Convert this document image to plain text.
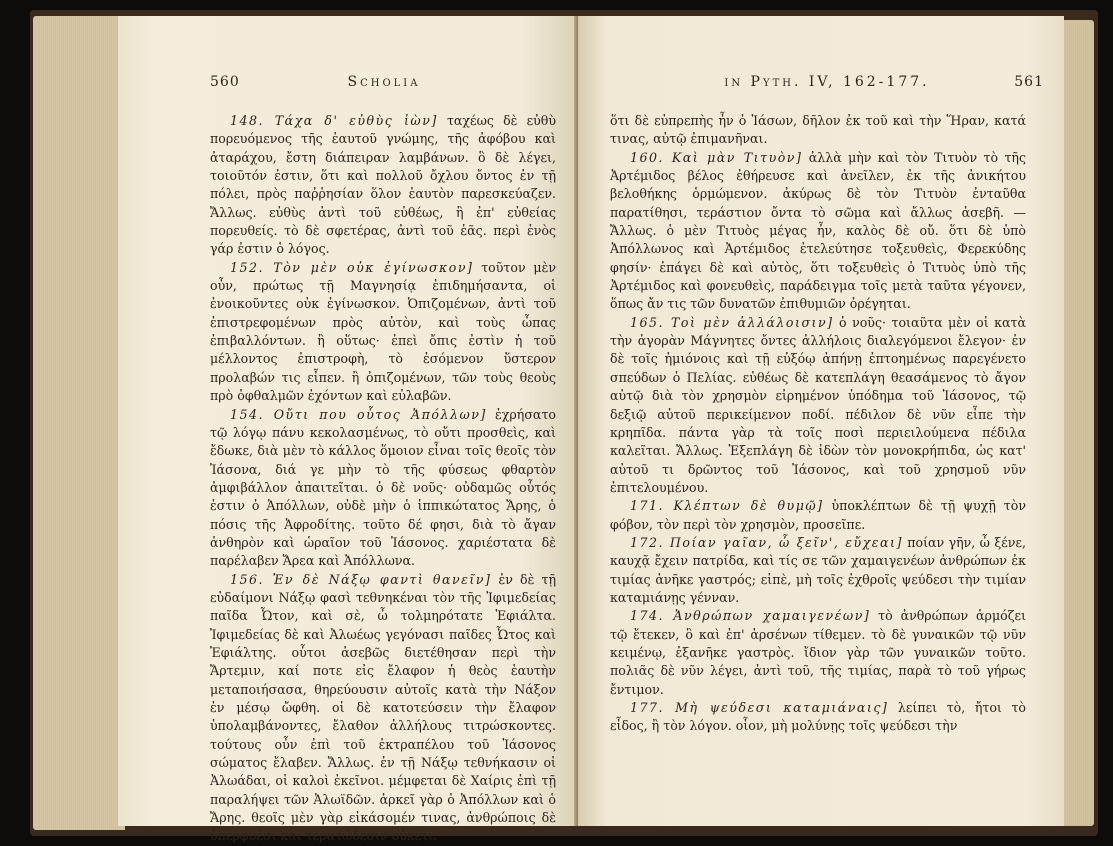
Scholia
560

148. Τάχα δ' εὐθὺς ἰὼν] ταχέως δὲ εὐθὺ πορευόμενος τῆς ἑαυτοῦ γνώμης, τῆς ἀφόβου καὶ ἀταράχου, ἔστη διάπειραν λαμβάνων. ὃ δὲ λέγει, τοιοῦτόν ἐστιν, ὅτι καὶ πολλοῦ ὄχλου ὄντος ἐν τῇ πόλει, πρὸς παῤῥησίαν ὅλον ἑαυτὸν παρεσκεύαζεν. Ἄλλως. εὐθὺς ἀντὶ τοῦ εὐθέως, ἢ ἐπ' εὐθείας πορευθείς. τὸ δὲ σφετέρας, ἀντὶ τοῦ ἑᾶς. περὶ ἑνὸς γάρ ἐστιν ὁ λόγος.

152. Τὸν μὲν οὐκ ἐγίνωσκον] τοῦτον μὲν οὖν, πρώτως τῇ Μαγνησίᾳ ἐπιδημήσαντα, οἱ ἐνοικοῦντες οὐκ ἐγίνωσκον. Ὀπιζομένων, ἀντὶ τοῦ ἐπιστρεφομένων πρὸς αὐτὸν, καὶ τοὺς ὦπας ἐπιβαλλόντων. ἢ οὕτως· ἐπεὶ ὄπις ἐστὶν ἡ τοῦ μέλλοντος ἐπιστροφὴ, τὸ ἐσόμενον ὕστερον προλαβών τις εἶπεν. ἢ ὀπιζομένων, τῶν τοὺς θεοὺς πρὸ ὀφθαλμῶν ἐχόντων καὶ εὐλαβῶν.

154. Οὔτι που οὗτος Ἀπόλλων] ἐχρήσατο τῷ λόγῳ πάνυ κεκολασμένως, τὸ οὔτι προσθεὶς, καὶ ἔδωκε, διὰ μὲν τὸ κάλλος ὅμοιον εἶναι τοῖς θεοῖς τὸν Ἰάσονα, διά γε μὴν τὸ τῆς φύσεως φθαρτὸν ἀμφιβάλλον ἀπαιτεῖται. ὁ δὲ νοῦς· οὐδαμῶς οὗτός ἐστιν ὁ Ἀπόλλων, οὐδὲ μὴν ὁ ἱππικώτατος Ἄρης, ὁ πόσις τῆς Ἀφροδίτης. τοῦτο δέ φησι, διὰ τὸ ἄγαν ἀνθηρὸν καὶ ὡραῖον τοῦ Ἰάσονος. χαριέστατα δὲ παρέλαβεν Ἄρεα καὶ Ἀπόλλωνα.

156. Ἐν δὲ Νάξῳ φαντὶ θανεῖν] ἐν δὲ τῇ εὐδαίμονι Νάξῳ φασὶ τεθνηκέναι τὸν τῆς Ἰφιμεδείας παῖδα Ὦτον, καὶ σὲ, ὦ τολμηρότατε Ἐφιάλτα. Ἰφιμεδείας δὲ καὶ Ἀλωέως γεγόνασι παῖδες Ὦτος καὶ Ἐφιάλτης. οὗτοι ἀσεβῶς διετέθησαν περὶ τὴν Ἄρτεμιν, καί ποτε εἰς ἔλαφον ἡ θεὸς ἑαυτὴν μεταποιήσασα, θηρεύουσιν αὐτοῖς κατὰ τὴν Νάξον ἐν μέσῳ ὤφθη. οἱ δὲ κατοτεύσειν τὴν ἔλαφον ὑπολαμβάνοντες, ἔλαθον ἀλλήλους τιτρώσκοντες. τούτους οὖν ἐπὶ τοῦ ἐκτραπέλου τοῦ Ἰάσονος σώματος ἔλαβεν. Ἄλλως. ἐν τῇ Νάξῳ τεθνήκασιν οἱ Ἀλωάδαι, οἱ καλοὶ ἐκεῖνοι. μέμφεται δὲ Χαίρις ἐπὶ τῇ παραλήψει τῶν Ἀλωϊδῶν. ἀρκεῖ γὰρ ὁ Ἀπόλλων καὶ ὁ Ἄρης. θεοῖς μὲν γὰρ εἰκάσομέν τινας, ἀνθρώποις δὲ ὑπερφυέσι καὶ τερατώδεσιν οὐκέτι.

in Pyth. IV, 162-177.	561

ὅτι δὲ εὐπρεπὴς ἦν ὁ Ἰάσων, δῆλον ἐκ τοῦ καὶ τὴν Ἥραν, κατά τινας, αὐτῷ ἐπιμανῆναι.

160. Καὶ μὰν Τιτυὸν] ἀλλὰ μὴν καὶ τὸν Τιτυὸν τὸ τῆς Ἀρτέμιδος βέλος ἐθήρευσε καὶ ἀνεῖλεν, ἐκ τῆς ἀνικήτου βελοθήκης ὁρμώμενον. ἀκύρως δὲ τὸν Τιτυὸν ἐνταῦθα παρατίθησι, τεράστιον ὄντα τὸ σῶμα καὶ ἄλλως ἀσεβῆ. — Ἄλλως. ὁ μὲν Τιτυὸς μέγας ἦν, καλὸς δὲ οὔ. ὅτι δὲ ὑπὸ Ἀπόλλωνος καὶ Ἀρτέμιδος ἐτελεύτησε τοξευθεὶς, Φερεκύδης φησίν· ἐπάγει δὲ καὶ αὐτὸς, ὅτι τοξευθεὶς ὁ Τιτυὸς ὑπὸ τῆς Ἀρτέμιδος καὶ φονευθεὶς, παράδειγμα τοῖς μετὰ ταῦτα γέγονεν, ὅπως ἄν τις τῶν δυνατῶν ἐπιθυμιῶν ὀρέγηται.

165. Τοὶ μὲν ἀλλάλοισιν] ὁ νοῦς· τοιαῦτα μὲν οἱ κατὰ τὴν ἀγορὰν Μάγνητες ὄντες ἀλλήλοις διαλεγόμενοι ἔλεγον· ἐν δὲ τοῖς ἡμιόνοις καὶ τῇ εὐξόῳ ἀπήνῃ ἐπτοημένως παρεγένετο σπεύδων ὁ Πελίας. εὐθέως δὲ κατεπλάγη θεασάμενος τὸ ἄγον αὐτῷ διὰ τὸν χρησμὸν εἰρημένον ὑπόδημα τοῦ Ἰάσονος, τῷ δεξιῷ αὐτοῦ περικείμενον ποδί. πέδιλον δὲ νῦν εἶπε τὴν κρηπῖδα. πάντα γὰρ τὰ τοῖς ποσὶ περιειλούμενα πέδιλα καλεῖται. Ἄλλως. Ἐξεπλάγη δὲ ἰδὼν τὸν μονοκρήπιδα, ὡς κατ' αὐτοῦ τι δρῶντος τοῦ Ἰάσονος, καὶ τοῦ χρησμοῦ νῦν ἐπιτελουμένου.

171. Κλέπτων δὲ θυμῷ] ὑποκλέπτων δὲ τῇ ψυχῇ τὸν φόβον, τὸν περὶ τὸν χρησμὸν, προσεῖπε.

172. Ποίαν γαῖαν, ὦ ξεῖν', εὔχεαι] ποίαν γῆν, ὦ ξένε, καυχᾷ ἔχειν πατρίδα, καὶ τίς σε τῶν χαμαιγενέων ἀνθρώπων ἐκ τιμίας ἀνῆκε γαστρός; εἰπὲ, μὴ τοῖς ἐχθροῖς ψεύδεσι τὴν τιμίαν καταμιάνῃς γένναν.

174. Ἀνθρώπων χαμαιγενέων] τὸ ἀνθρώπων ἁρμόζει τῷ ἔτεκεν, ὃ καὶ ἐπ' ἀρσένων τίθεμεν. τὸ δὲ γυναικῶν τῷ νῦν κειμένῳ, ἐξανῆκε γαστρὸς. ἴδιον γὰρ τῶν γυναικῶν τοῦτο. πολιᾶς δὲ νῦν λέγει, ἀντὶ τοῦ, τῆς τιμίας, παρὰ τὸ τοῦ γήρως ἔντιμον.

177. Μὴ ψεύδεσι καταμιάναις] λείπει τὸ, ἤτοι τὸ εἶδος, ἢ τὸν λόγον. οἷον, μὴ μολύνῃς τοῖς ψεύδεσι τὴν
